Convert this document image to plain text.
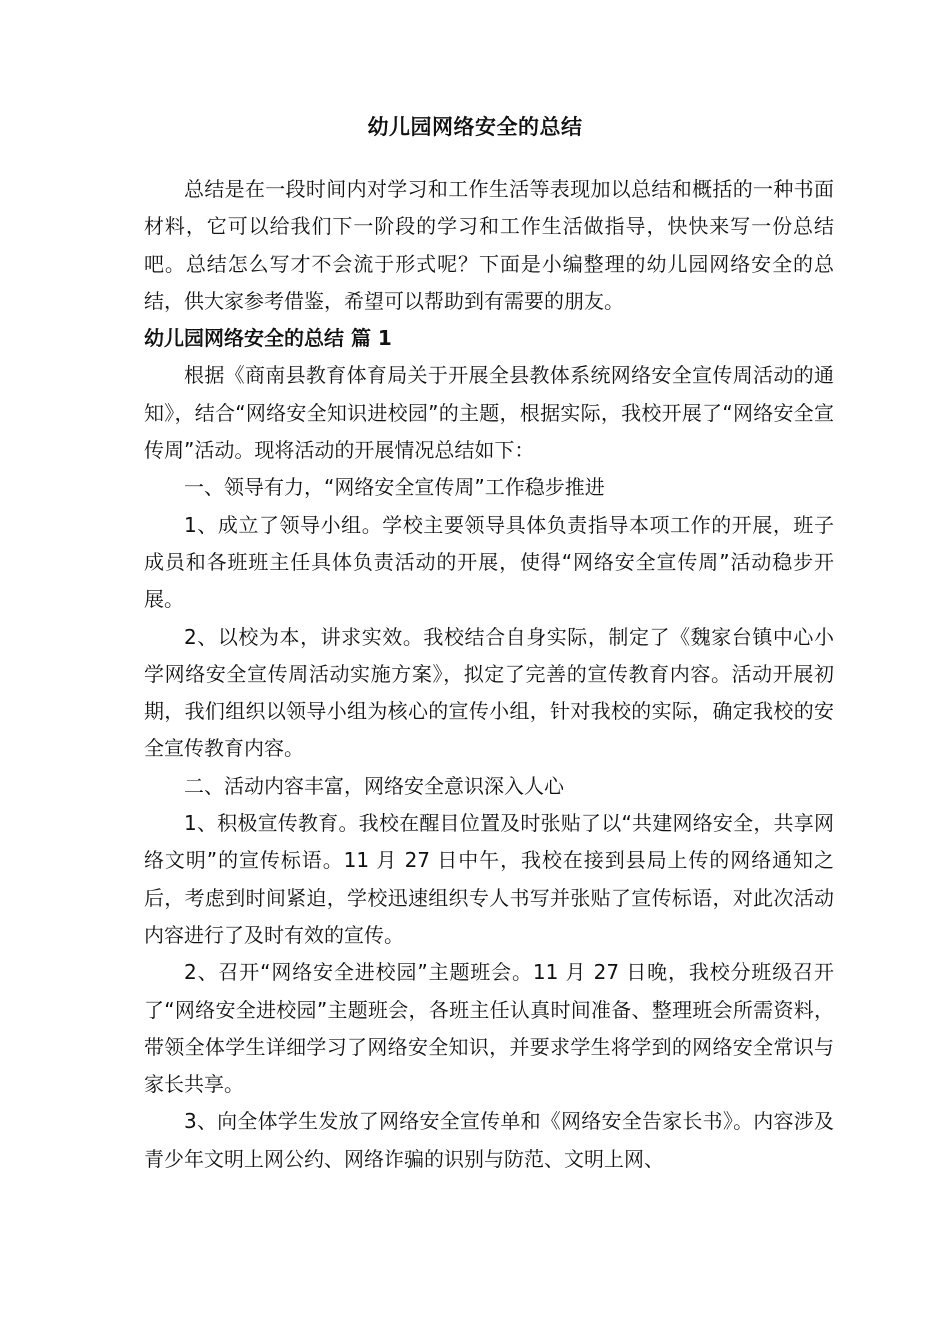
幼儿园网络安全的总结

总结是在一段时间内对学习和工作生活等表现加以总结和概括的一种书面材料，它可以给我们下一阶段的学习和工作生活做指导，快快来写一份总结吧。总结怎么写才不会流于形式呢？下面是小编整理的幼儿园网络安全的总结，供大家参考借鉴，希望可以帮助到有需要的朋友。

幼儿园网络安全的总结 篇 1

根据《商南县教育体育局关于开展全县教体系统网络安全宣传周活动的通知》，结合“网络安全知识进校园”的主题，根据实际，我校开展了“网络安全宣传周”活动。现将活动的开展情况总结如下：

一、领导有力，“网络安全宣传周”工作稳步推进

1、成立了领导小组。学校主要领导具体负责指导本项工作的开展，班子成员和各班班主任具体负责活动的开展，使得“网络安全宣传周”活动稳步开展。

2、以校为本，讲求实效。我校结合自身实际，制定了《魏家台镇中心小学网络安全宣传周活动实施方案》，拟定了完善的宣传教育内容。活动开展初期，我们组织以领导小组为核心的宣传小组，针对我校的实际，确定我校的安全宣传教育内容。

二、活动内容丰富，网络安全意识深入人心

1、积极宣传教育。我校在醒目位置及时张贴了以“共建网络安全，共享网络文明”的宣传标语。11 月 27 日中午，我校在接到县局上传的网络通知之后，考虑到时间紧迫，学校迅速组织专人书写并张贴了宣传标语，对此次活动内容进行了及时有效的宣传。

2、召开“网络安全进校园”主题班会。11 月 27 日晚，我校分班级召开了“网络安全进校园”主题班会，各班主任认真时间准备、整理班会所需资料，带领全体学生详细学习了网络安全知识，并要求学生将学到的网络安全常识与家长共享。

3、向全体学生发放了网络安全宣传单和《网络安全告家长书》。内容涉及青少年文明上网公约、网络诈骗的识别与防范、文明上网、
